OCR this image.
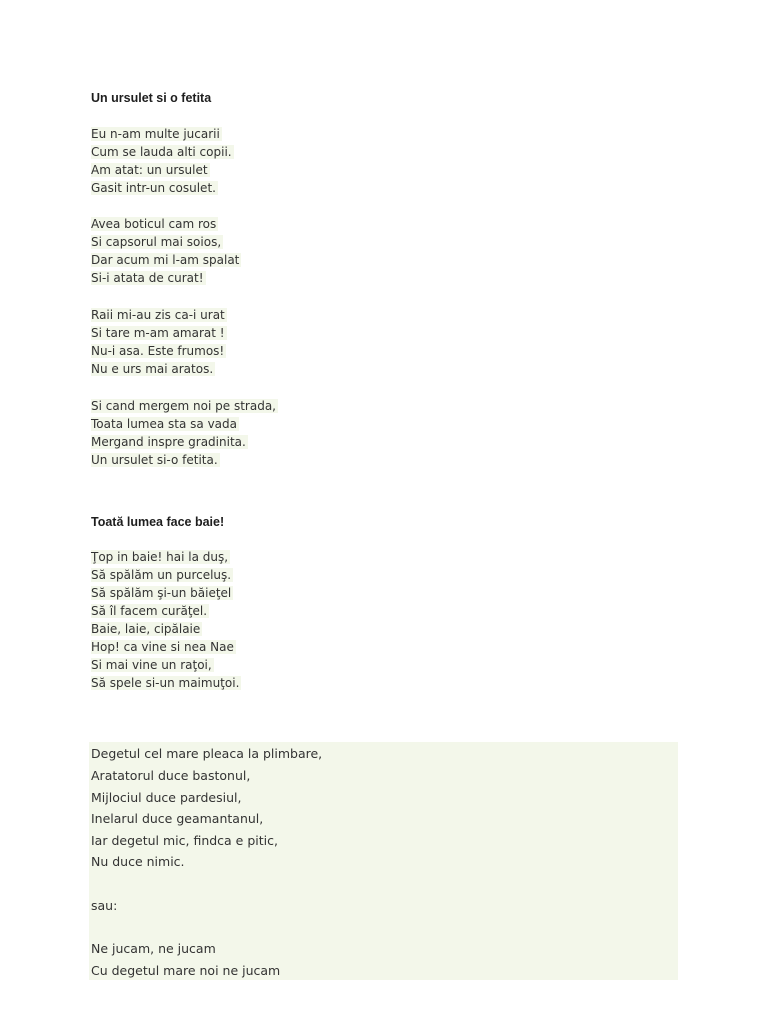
Un ursulet si o fetita
Eu n-am multe jucarii
Cum se lauda alti copii.
Am atat: un ursulet
Gasit intr-un cosulet.
Avea boticul cam ros
Si capsorul mai soios,
Dar acum mi l-am spalat
Si-i atata de curat!
Raii mi-au zis ca-i urat
Si tare m-am amarat !
Nu-i asa. Este frumos!
Nu e urs mai aratos.
Si cand mergem noi pe strada,
Toata lumea sta sa vada
Mergand inspre gradinita.
Un ursulet si-o fetita.
Toată lumea face baie!
Ţop in baie! hai la duş,
Să spălăm un purceluş.
Să spălăm şi-un băieţel
Să îl facem curăţel.
Baie, laie, cipălaie
Hop! ca vine si nea Nae
Si mai vine un raţoi,
Să spele si-un maimuţoi.
Degetul cel mare pleaca la plimbare,
Aratatorul duce bastonul,
Mijlociul duce pardesiul,
Inelarul duce geamantanul,
Iar degetul mic, findca e pitic,
Nu duce nimic.
sau:
Ne jucam, ne jucam
Cu degetul mare noi ne jucam
